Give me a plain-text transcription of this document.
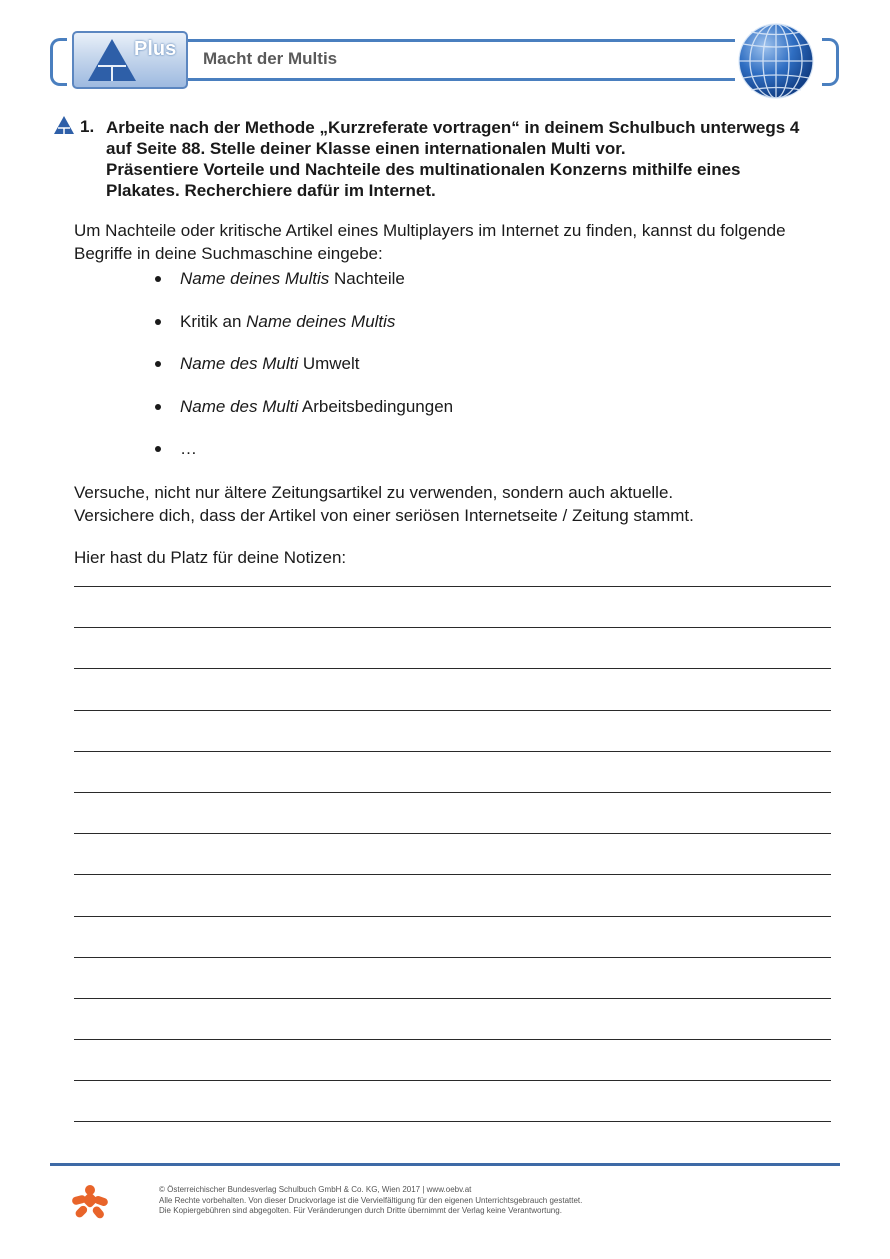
Plus Macht der Multis
1. Arbeite nach der Methode „Kurzreferate vortragen“ in deinem Schulbuch unterwegs 4
auf Seite 88. Stelle deiner Klasse einen internationalen Multi vor.
Präsentiere Vorteile und Nachteile des multinationalen Konzerns mithilfe eines
Plakates. Recherchiere dafür im Internet.
Um Nachteile oder kritische Artikel eines Multiplayers im Internet zu finden, kannst du folgende
Begriffe in deine Suchmaschine eingebe:
Name deines Multis Nachteile
Kritik an Name deines Multis
Name des Multi Umwelt
Name des Multi Arbeitsbedingungen
…
Versuche, nicht nur ältere Zeitungsartikel zu verwenden, sondern auch aktuelle.
Versichere dich, dass der Artikel von einer seriösen Internetseite / Zeitung stammt.
Hier hast du Platz für deine Notizen:
© Österreichischer Bundesverlag Schulbuch GmbH & Co. KG, Wien 2017 | www.oebv.at
Alle Rechte vorbehalten. Von dieser Druckvorlage ist die Vervielfältigung für den eigenen Unterrichtsgebrauch gestattet.
Die Kopiergebühren sind abgegolten. Für Veränderungen durch Dritte übernimmt der Verlag keine Verantwortung.
